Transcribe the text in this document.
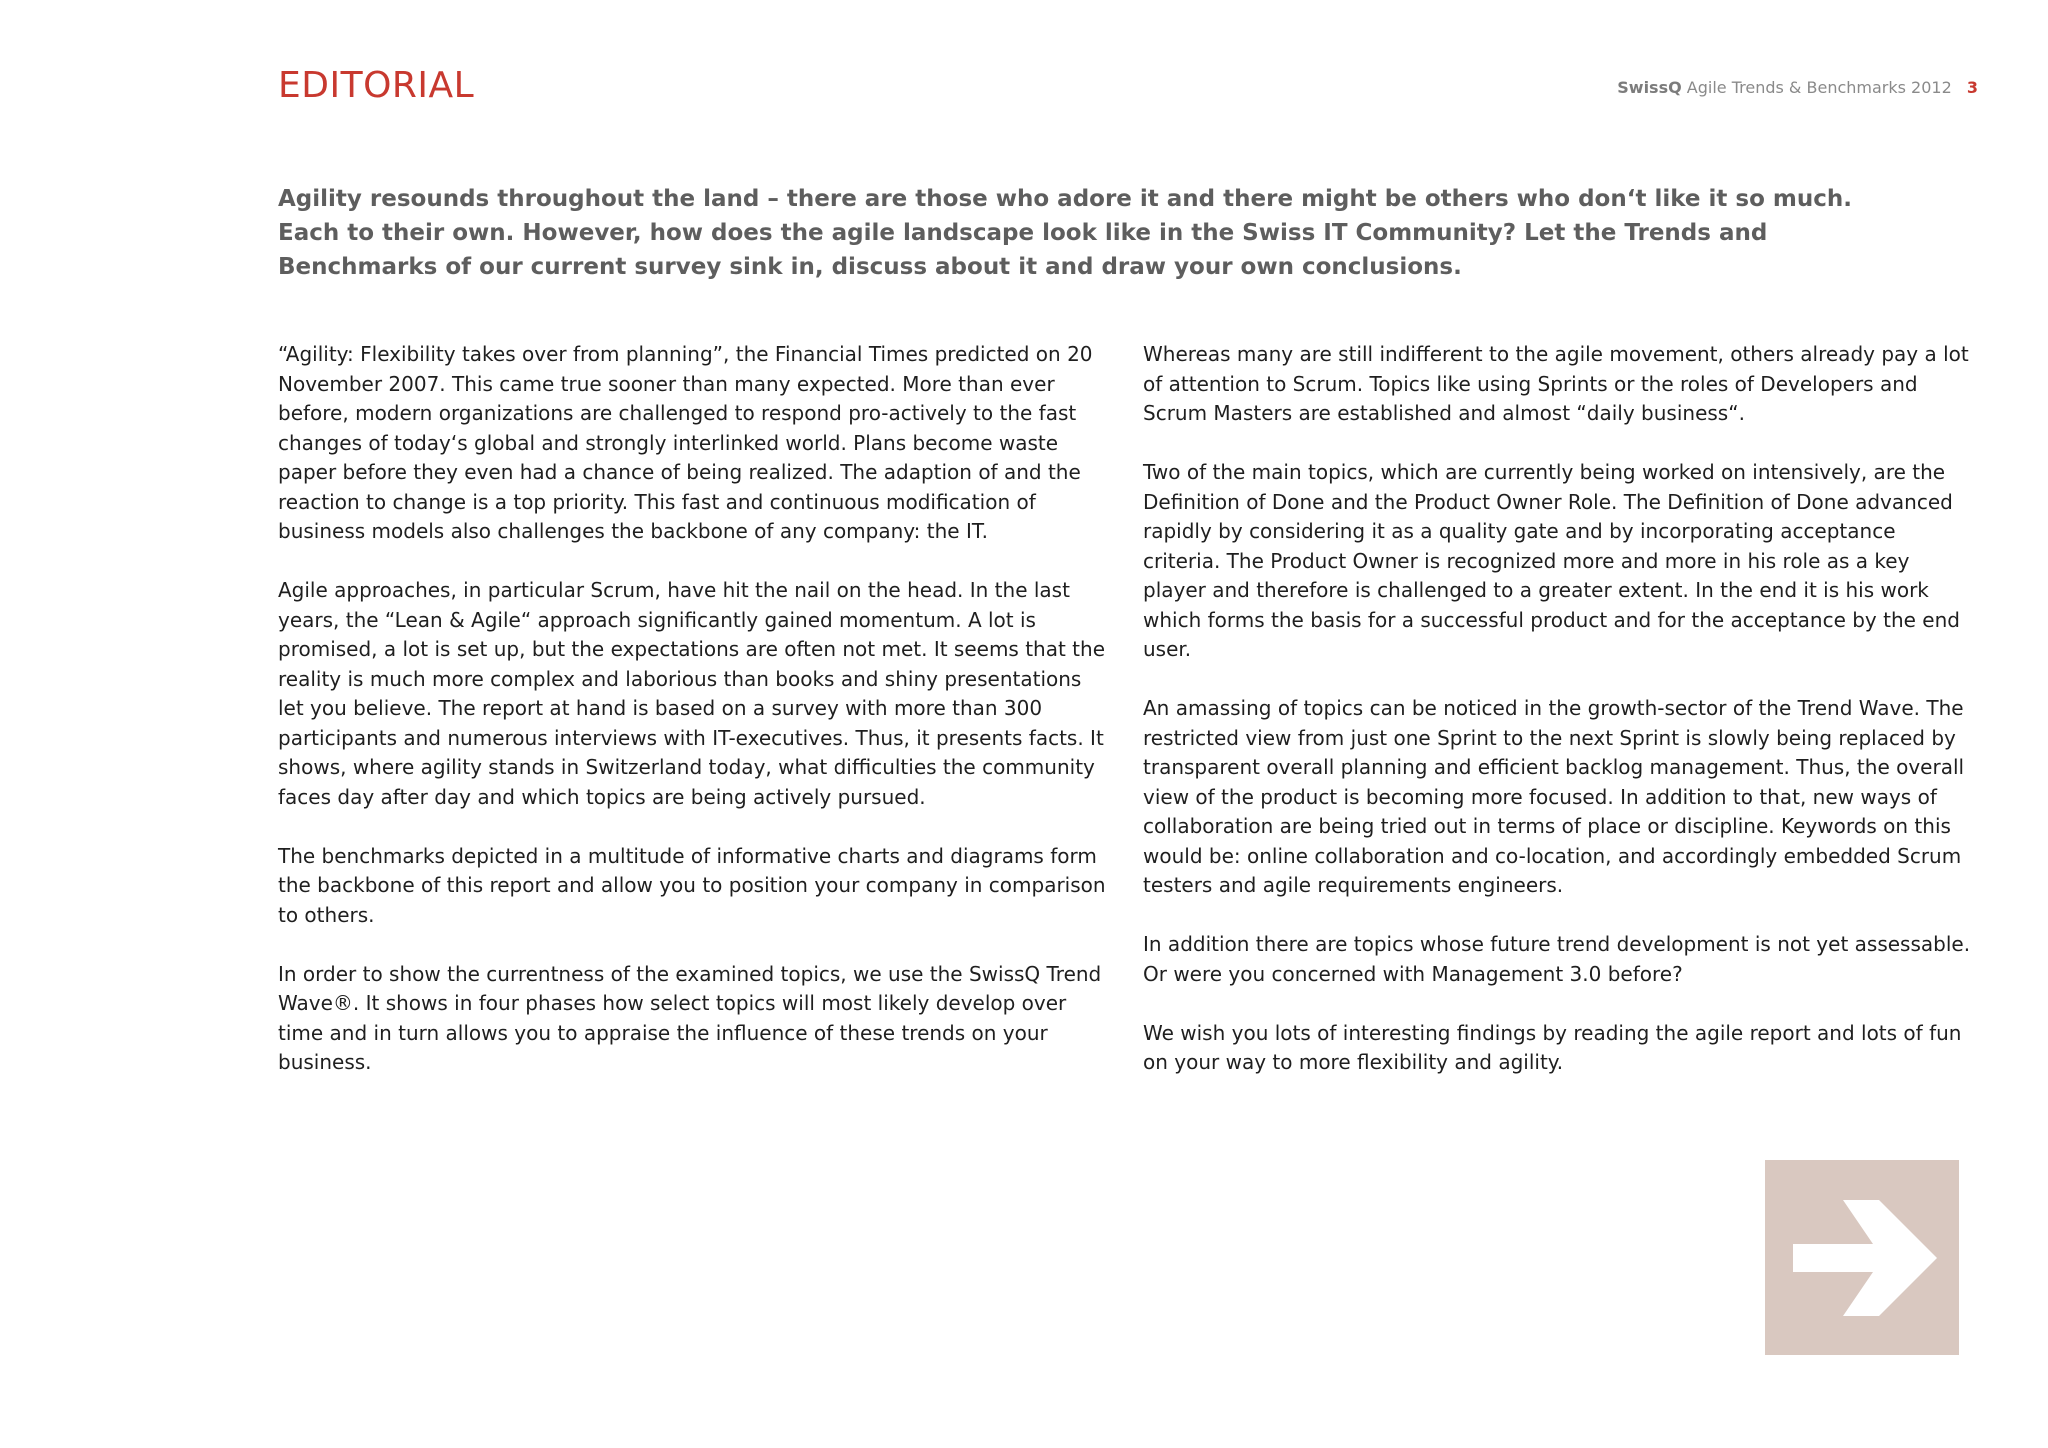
EDITORIAL	SwissQ Agile Trends & Benchmarks 2012 3

Agility resounds throughout the land – there are those who adore it and there might be others who don‘t like it so much. Each to their own. However, how does the agile landscape look like in the Swiss IT Community? Let the Trends and Benchmarks of our current survey sink in, discuss about it and draw your own conclusions.

“Agility: Flexibility takes over from planning”, the Financial Times predicted on 20 November 2007. This came true sooner than many expected. More than ever before, modern organizations are challenged to respond pro-actively to the fast changes of today‘s global and strongly interlinked world. Plans become waste paper before they even had a chance of being realized. The adaption of and the reaction to change is a top priority. This fast and continuous modification of business models also challenges the backbone of any company: the IT.

Agile approaches, in particular Scrum, have hit the nail on the head. In the last years, the “Lean & Agile“ approach significantly gained momentum. A lot is promised, a lot is set up, but the expectations are often not met. It seems that the reality is much more complex and laborious than books and shiny presentations let you believe. The report at hand is based on a survey with more than 300 participants and numerous interviews with IT-executives. Thus, it presents facts. It shows, where agility stands in Switzerland today, what difficulties the community faces day after day and which topics are being actively pursued.

The benchmarks depicted in a multitude of informative charts and diagrams form the backbone of this report and allow you to position your company in comparison to others.

In order to show the currentness of the examined topics, we use the SwissQ Trend Wave®. It shows in four phases how select topics will most likely develop over time and in turn allows you to appraise the influence of these trends on your business.

Whereas many are still indifferent to the agile movement, others already pay a lot of attention to Scrum. Topics like using Sprints or the roles of Developers and Scrum Masters are established and almost “daily business“.

Two of the main topics, which are currently being worked on intensively, are the Definition of Done and the Product Owner Role. The Definition of Done advanced rapidly by considering it as a quality gate and by incorporating acceptance criteria. The Product Owner is recognized more and more in his role as a key player and therefore is challenged to a greater extent. In the end it is his work which forms the basis for a successful product and for the acceptance by the end user.

An amassing of topics can be noticed in the growth-sector of the Trend Wave. The restricted view from just one Sprint to the next Sprint is slowly being replaced by transparent overall planning and efficient backlog management. Thus, the overall view of the product is becoming more focused. In addition to that, new ways of collaboration are being tried out in terms of place or discipline. Keywords on this would be: online collaboration and co-location, and accordingly embedded Scrum testers and agile requirements engineers.

In addition there are topics whose future trend development is not yet assessable. Or were you concerned with Management 3.0 before?

We wish you lots of interesting findings by reading the agile report and lots of fun on your way to more flexibility and agility.
